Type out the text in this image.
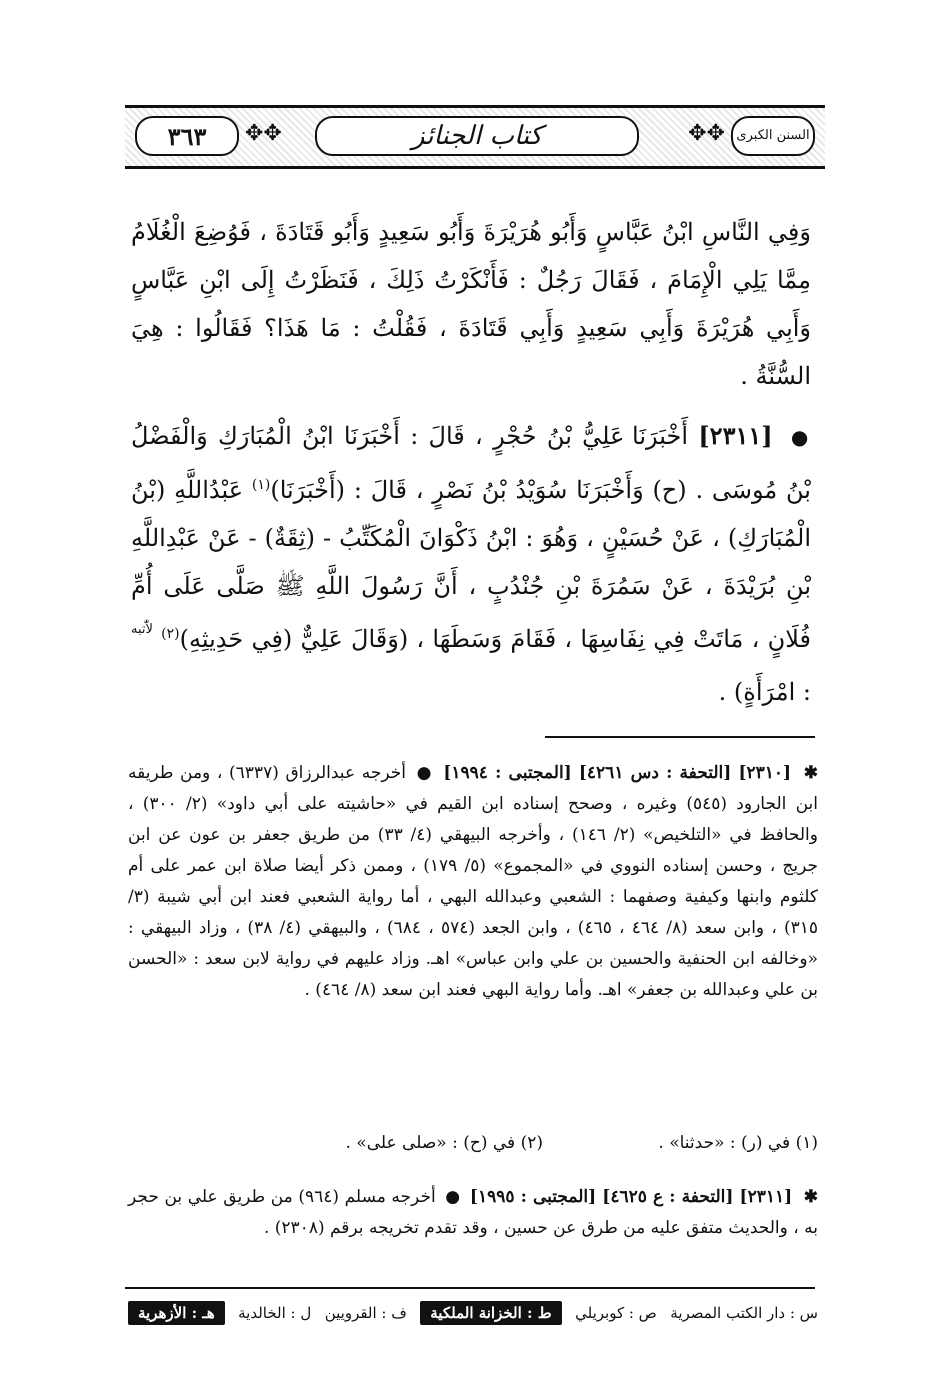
السنن الكبرى
✥✥
كتاب الجنائز
✥✥
٣٦٣
وَفِي النَّاسِ ابْنُ عَبَّاسٍ وَأَبُو هُرَيْرَةَ وَأَبُو سَعِيدٍ وَأَبُو قَتَادَةَ ، فَوُضِعَ الْغُلَامُ مِمَّا يَلِي الْإِمَامَ ، فَقَالَ رَجُلٌ : فَأَنْكَرْتُ ذَلِكَ ، فَنَظَرْتُ إِلَى ابْنِ عَبَّاسٍ وَأَبِي هُرَيْرَةَ وَأَبِي سَعِيدٍ وَأَبِي قَتَادَةَ ، فَقُلْتُ : مَا هَذَا؟ فَقَالُوا : هِيَ السُّنَّةُ .
● [٢٣١١] أَخْبَرَنَا عَلِيُّ بْنُ حُجْرٍ ، قَالَ : أَخْبَرَنَا ابْنُ الْمُبَارَكِ وَالْفَضْلُ بْنُ مُوسَى . (ح) وَأَخْبَرَنَا سُوَيْدُ بْنُ نَصْرٍ ، قَالَ : (أَخْبَرَنَا)$^{(١)}$ عَبْدُاللَّهِ (بْنُ الْمُبَارَكِ) ، عَنْ حُسَيْنٍ ، وَهُوَ : ابْنُ ذَكْوَانَ الْمُكَتِّبُ - (ثِقَةٌ) - عَنْ عَبْدِاللَّهِ بْنِ بُرَيْدَةَ ، عَنْ سَمُرَةَ بْنِ جُنْدُبٍ ، أَنَّ رَسُولَ اللَّهِ ﷺ صَلَّى عَلَى أُمِّ فُلَانٍ ، مَاتَتْ فِي نِفَاسِهَا ، فَقَامَ وَسَطَهَا ، (وَقَالَ عَلِيٌّ (فِي حَدِيثِهِ)$^{(٢)}$ $^{لاّٰتبه}$ : امْرَأَةٍ) .
✱ [٢٣١٠] [التحفة : دس ٤٢٦١] [المجتبى : ١٩٩٤] ● أخرجه عبدالرزاق (٦٣٣٧) ، ومن طريقه ابن الجارود (٥٤٥) وغيره ، وصحح إسناده ابن القيم في «حاشيته على أبي داود» (٢/ ٣٠٠) ، والحافظ في «التلخيص» (٢/ ١٤٦) ، وأخرجه البيهقي (٤/ ٣٣) من طريق جعفر بن عون عن ابن جريج ، وحسن إسناده النووي في «المجموع» (٥/ ١٧٩) ، وممن ذكر أيضا صلاة ابن عمر على أم كلثوم وابنها وكيفية وصفهما : الشعبي وعبدالله البهي ، أما رواية الشعبي فعند ابن أبي شيبة (٣/ ٣١٥) ، وابن سعد (٨/ ٤٦٤ ، ٤٦٥) ، وابن الجعد (٥٧٤ ، ٦٨٤) ، والبيهقي (٤/ ٣٨) ، وزاد البيهقي : «وخالفه ابن الحنفية والحسين بن علي وابن عباس» اهـ. وزاد عليهم في رواية لابن سعد : «الحسن بن علي وعبدالله بن جعفر» اهـ. وأما رواية البهي فعند ابن سعد (٨/ ٤٦٤) .
(١) في (ر) : «حدثنا» . (٢) في (ح) : «صلى على» .
✱ [٢٣١١] [التحفة : ع ٤٦٢٥] [المجتبى : ١٩٩٥] ● أخرجه مسلم (٩٦٤) من طريق علي بن حجر به ، والحديث متفق عليه من طرق عن حسين ، وقد تقدم تخريجه برقم (٢٣٠٨) .
س : دار الكتب المصرية
ص : كوبريلي
ط : الخزانة الملكية
ف : القرويين
ل : الخالدية
هـ : الأزهرية
